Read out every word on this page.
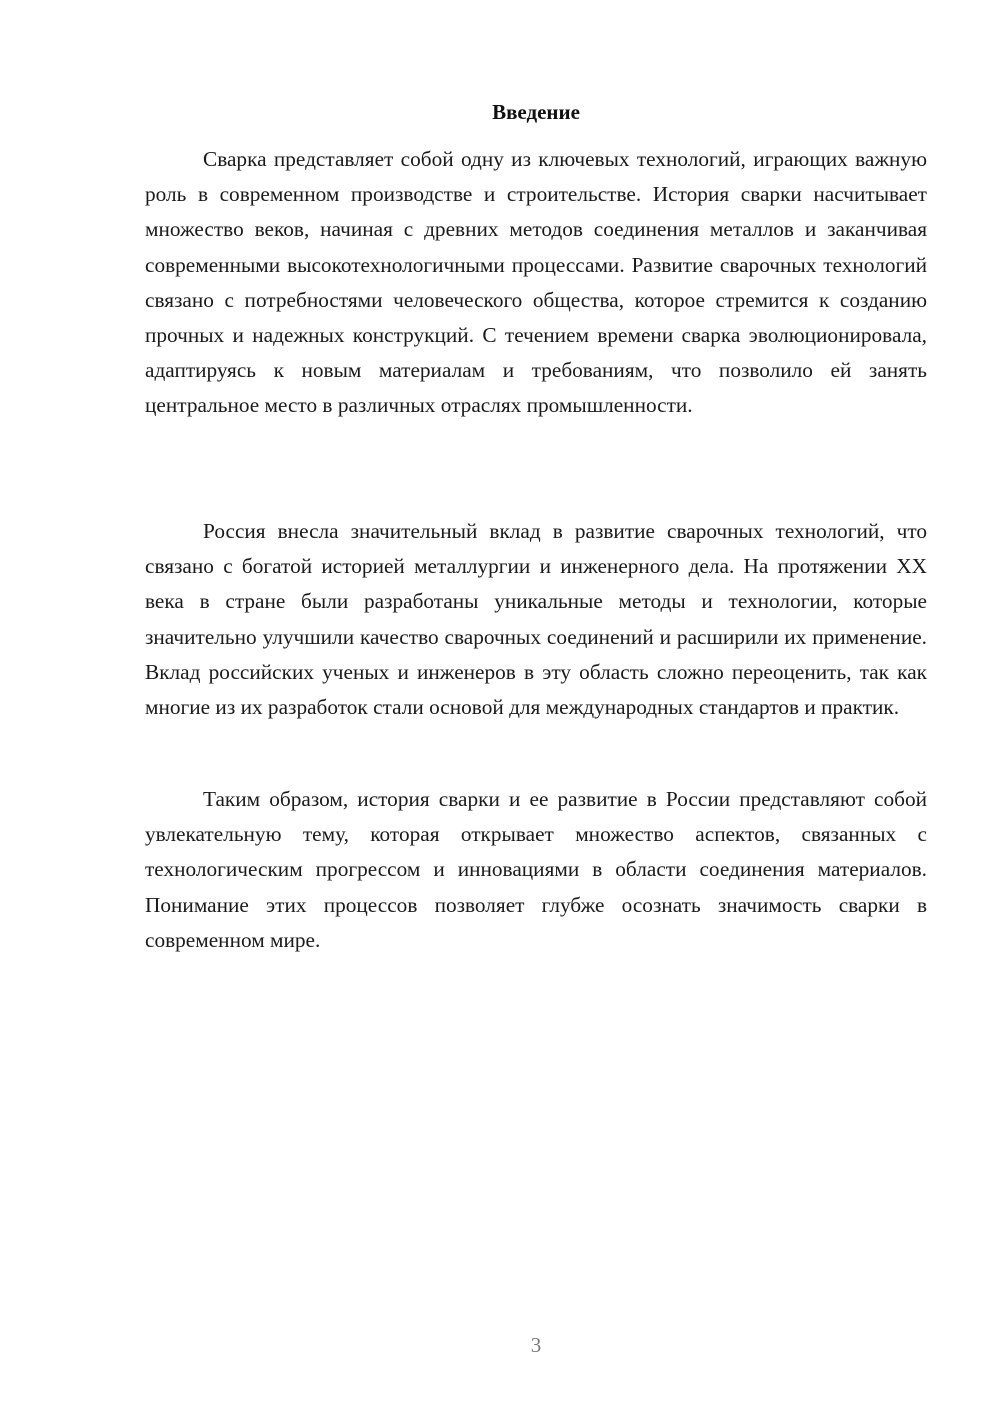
Введение

Сварка представляет собой одну из ключевых технологий, играющих важную роль в современном производстве и строительстве. История сварки насчитывает множество веков, начиная с древних методов соединения металлов и заканчивая современными высокотехнологичными процессами. Развитие сварочных технологий связано с потребностями человеческого общества, которое стремится к созданию прочных и надежных конструкций. С течением времени сварка эволюционировала, адаптируясь к новым материалам и требованиям, что позволило ей занять центральное место в различных отраслях промышленности.

Россия внесла значительный вклад в развитие сварочных технологий, что связано с богатой историей металлургии и инженерного дела. На протяжении XX века в стране были разработаны уникальные методы и технологии, которые значительно улучшили качество сварочных соединений и расширили их применение. Вклад российских ученых и инженеров в эту область сложно переоценить, так как многие из их разработок стали основой для международных стандартов и практик.

Таким образом, история сварки и ее развитие в России представляют собой увлекательную тему, которая открывает множество аспектов, связанных с технологическим прогрессом и инновациями в области соединения материалов. Понимание этих процессов позволяет глубже осознать значимость сварки в современном мире.

3
